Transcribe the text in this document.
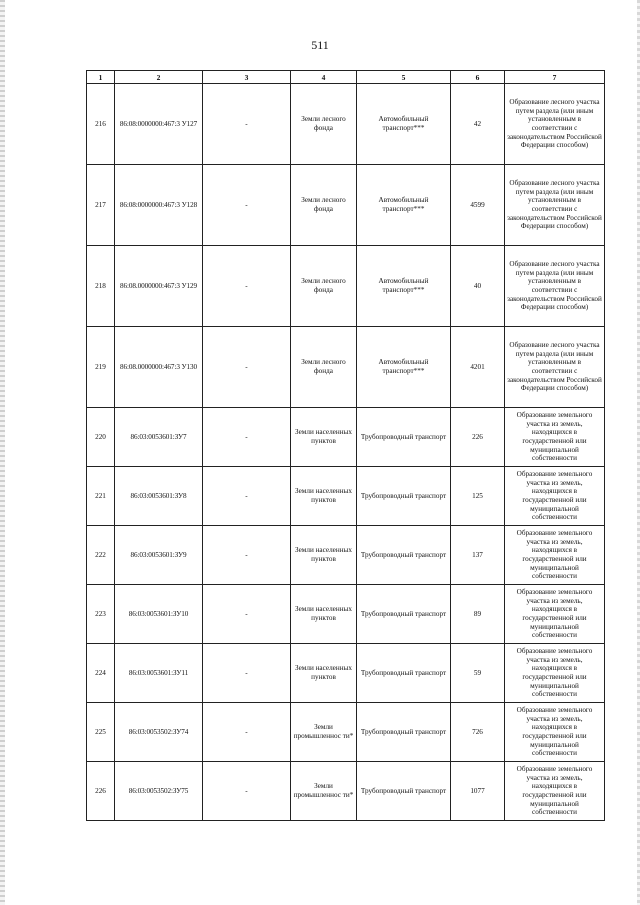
511
1	2	3	4	5	6	7
216	86:08:0000000:467:3 У127	-	Земли лесного фонда	Автомобильный транспорт***	42	Образование лесного участка путем раздела (или иным установленным в соответствии с законодательством Российской Федерации способом)
217	86:08:0000000:467:3 У128	-	Земли лесного фонда	Автомобильный транспорт***	4599	Образование лесного участка путем раздела (или иным установленным в соответствии с законодательством Российской Федерации способом)
218	86:08.0000000:467:3 У129	-	Земли лесного фонда	Автомобильный транспорт***	40	Образование лесного участка путем раздела (или иным установленным в соответствии с законодательством Российской Федерации способом)
219	86:08.0000000:467:3 У130	-	Земли лесного фонда	Автомобильный транспорт***	4201	Образование лесного участка путем раздела (или иным установленным в соответствии с законодательством Российской Федерации способом)
220	86:03:0053601:ЗУ7	-	Земли населенных пунктов	Трубопроводный транспорт	226	Образование земельного участка из земель, находящихся в государственной или муниципальной собственности
221	86:03:0053601:ЗУ8	-	Земли населенных пунктов	Трубопроводный транспорт	125	Образование земельного участка из земель, находящихся в государственной или муниципальной собственности
222	86:03:0053601:ЗУ9	-	Земли населенных пунктов	Трубопроводный транспорт	137	Образование земельного участка из земель, находящихся в государственной или муниципальной собственности
223	86:03:0053601:ЗУ10	-	Земли населенных пунктов	Трубопроводный транспорт	89	Образование земельного участка из земель, находящихся в государственной или муниципальной собственности
224	86:03:0053601:ЗУ11	-	Земли населенных пунктов	Трубопроводный транспорт	59	Образование земельного участка из земель, находящихся в государственной или муниципальной собственности
225	86:03:0053502:ЗУ74	-	Земли промышленнос ти*	Трубопроводный транспорт	726	Образование земельного участка из земель, находящихся в государственной или муниципальной собственности
226	86:03:0053502:ЗУ75	-	Земли промышленнос ти*	Трубопроводный транспорт	1077	Образование земельного участка из земель, находящихся в государственной или муниципальной собственности
